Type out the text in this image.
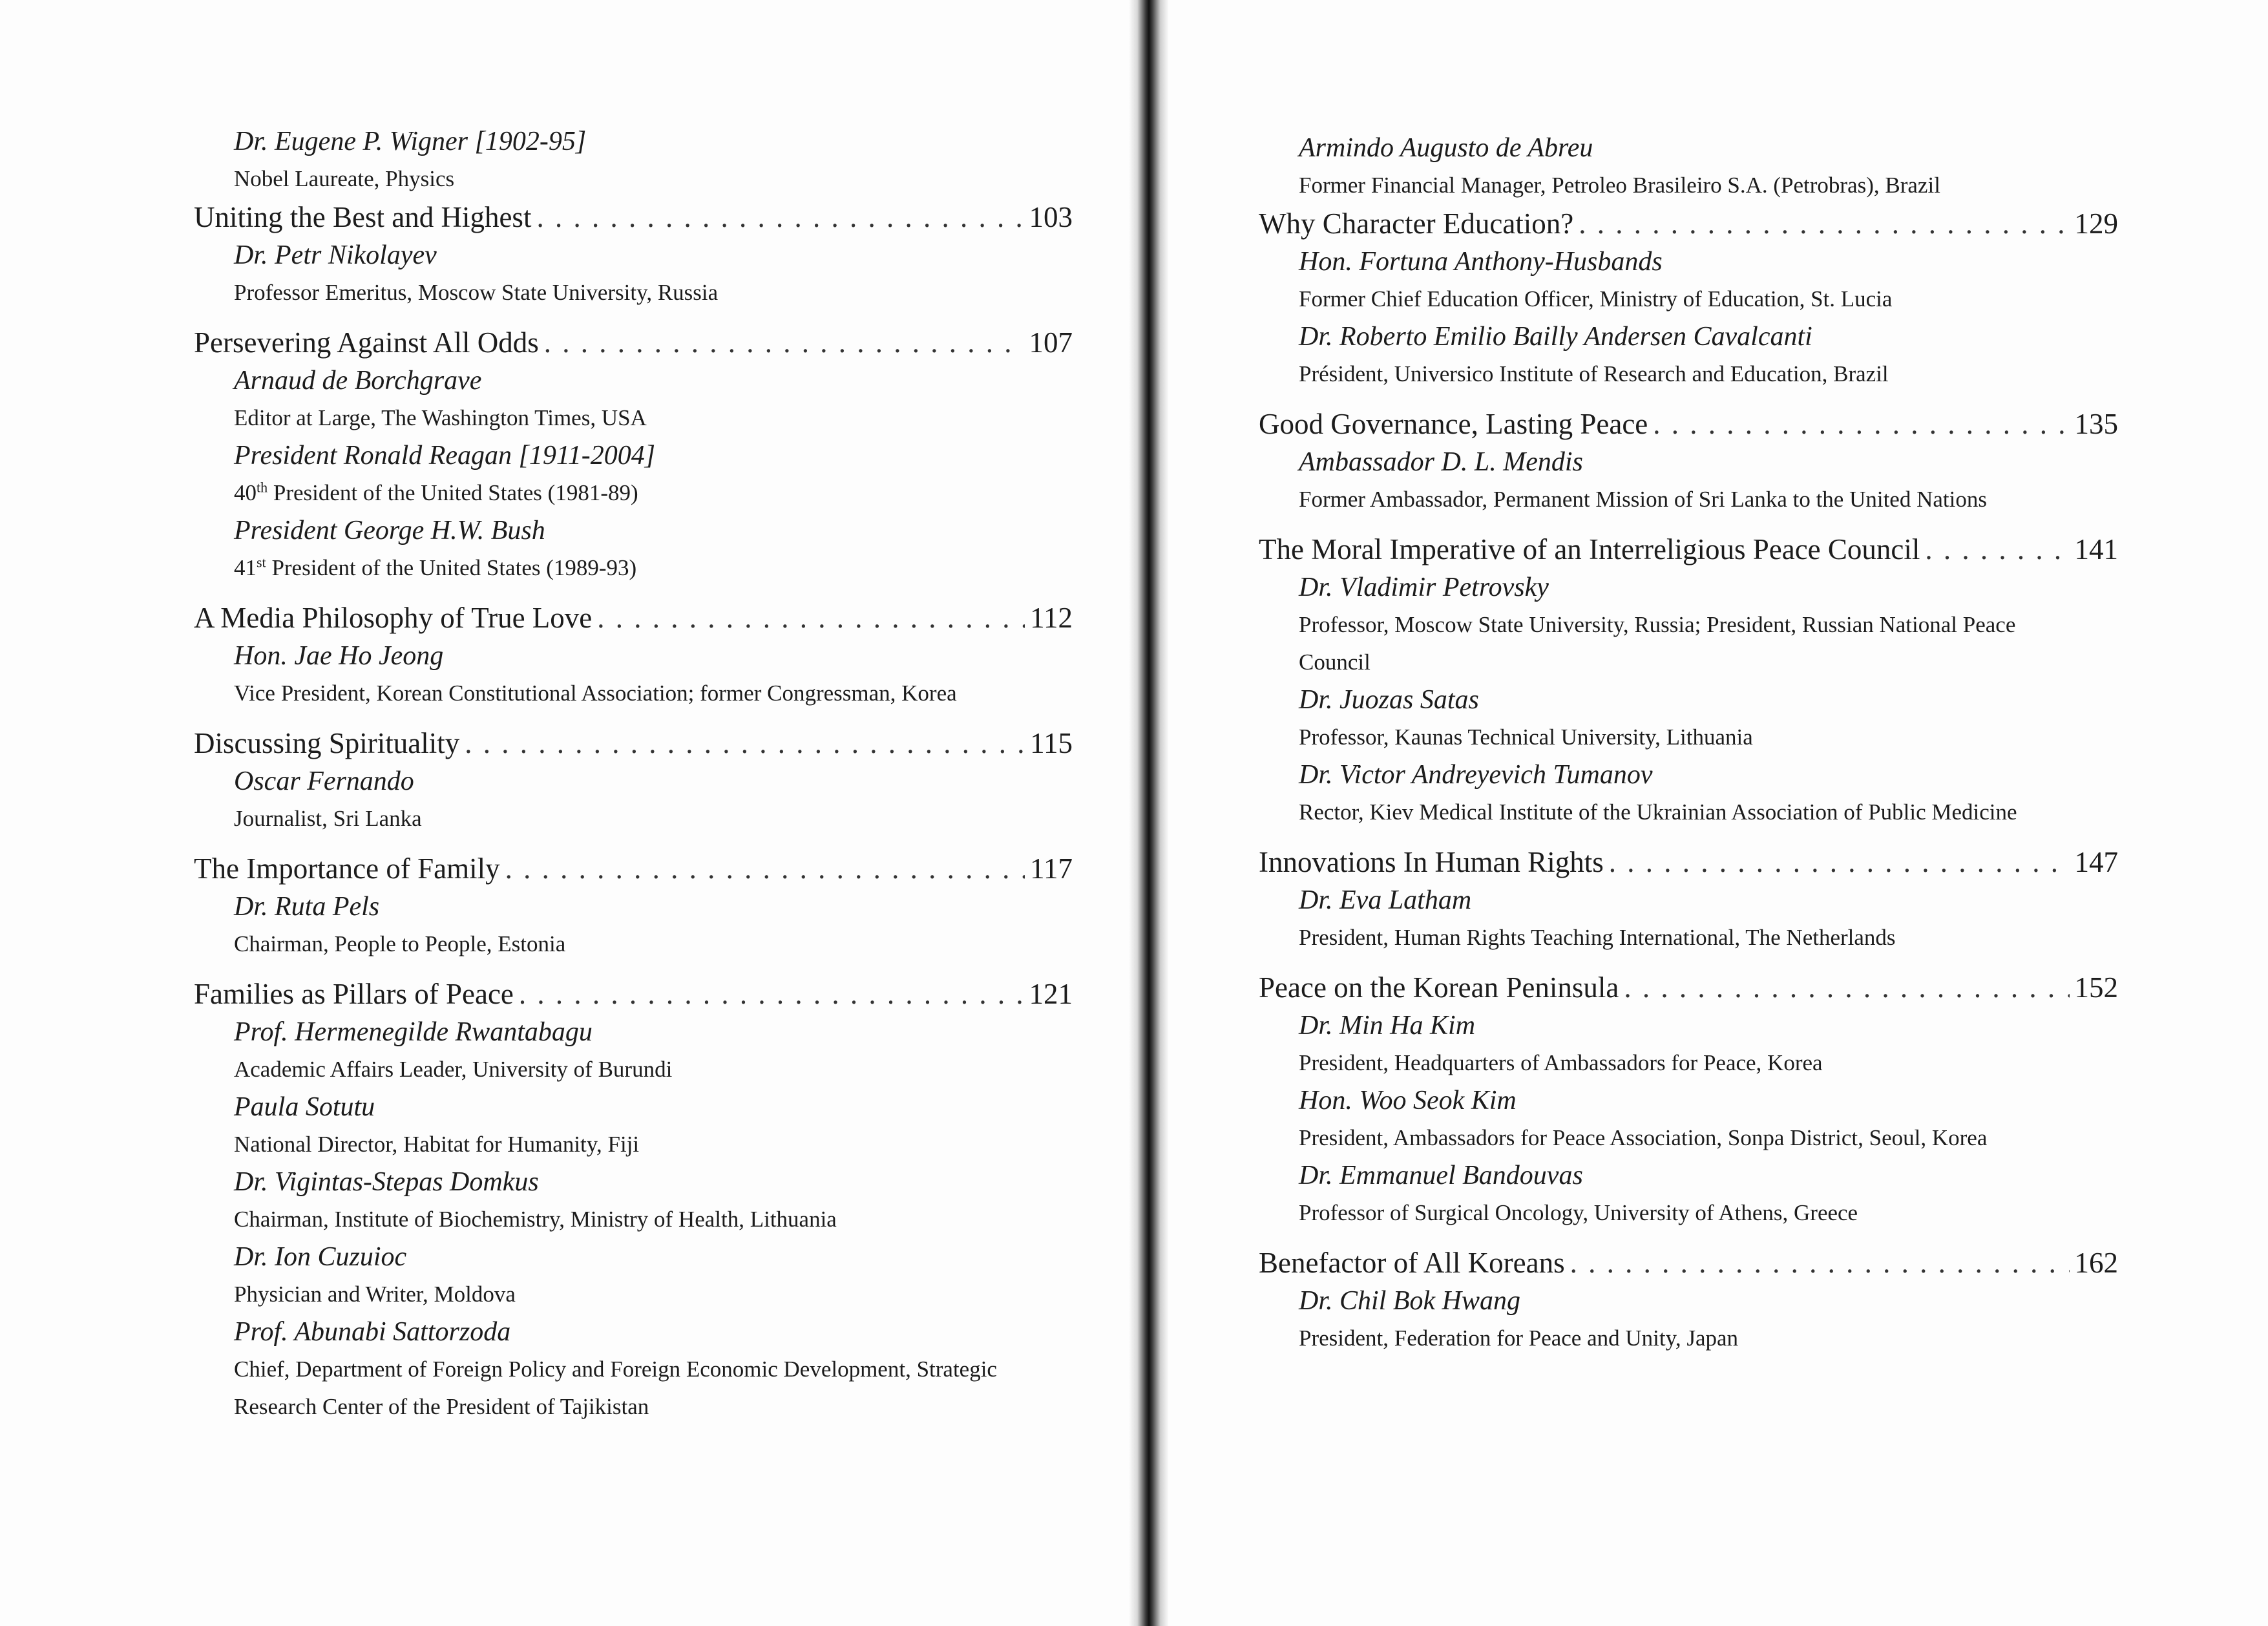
Dr. Eugene P. Wigner [1902-95]
Nobel Laureate, Physics
Uniting the Best and Highest . . .	103
Dr. Petr Nikolayev
Professor Emeritus, Moscow State University, Russia
Persevering Against All Odds . . .	107
Arnaud de Borchgrave
Editor at Large, The Washington Times, USA
President Ronald Reagan [1911-2004]
40th President of the United States (1981-89)
President George H.W. Bush
41st President of the United States (1989-93)
A Media Philosophy of True Love . . .	112
Hon. Jae Ho Jeong
Vice President, Korean Constitutional Association; former Congressman, Korea
Discussing Spirituality . . .	115
Oscar Fernando
Journalist, Sri Lanka
The Importance of Family . . .	117
Dr. Ruta Pels
Chairman, People to People, Estonia
Families as Pillars of Peace . . .	121
Prof. Hermenegilde Rwantabagu
Academic Affairs Leader, University of Burundi
Paula Sotutu
National Director, Habitat for Humanity, Fiji
Dr. Vigintas-Stepas Domkus
Chairman, Institute of Biochemistry, Ministry of Health, Lithuania
Dr. Ion Cuzuioc
Physician and Writer, Moldova
Prof. Abunabi Sattorzoda
Chief, Department of Foreign Policy and Foreign Economic Development, Strategic Research Center of the President of Tajikistan
Armindo Augusto de Abreu
Former Financial Manager, Petroleo Brasileiro S.A. (Petrobras), Brazil
Why Character Education? . . .	129
Hon. Fortuna Anthony-Husbands
Former Chief Education Officer, Ministry of Education, St. Lucia
Dr. Roberto Emilio Bailly Andersen Cavalcanti
Président, Universico Institute of Research and Education, Brazil
Good Governance, Lasting Peace . . .	135
Ambassador D. L. Mendis
Former Ambassador, Permanent Mission of Sri Lanka to the United Nations
The Moral Imperative of an Interreligious Peace Council . . .	141
Dr. Vladimir Petrovsky
Professor, Moscow State University, Russia; President, Russian National Peace Council
Dr. Juozas Satas
Professor, Kaunas Technical University, Lithuania
Dr. Victor Andreyevich Tumanov
Rector, Kiev Medical Institute of the Ukrainian Association of Public Medicine
Innovations In Human Rights . . .	147
Dr. Eva Latham
President, Human Rights Teaching International, The Netherlands
Peace on the Korean Peninsula . . .	152
Dr. Min Ha Kim
President, Headquarters of Ambassadors for Peace, Korea
Hon. Woo Seok Kim
President, Ambassadors for Peace Association, Sonpa District, Seoul, Korea
Dr. Emmanuel Bandouvas
Professor of Surgical Oncology, University of Athens, Greece
Benefactor of All Koreans . . .	162
Dr. Chil Bok Hwang
President, Federation for Peace and Unity, Japan
